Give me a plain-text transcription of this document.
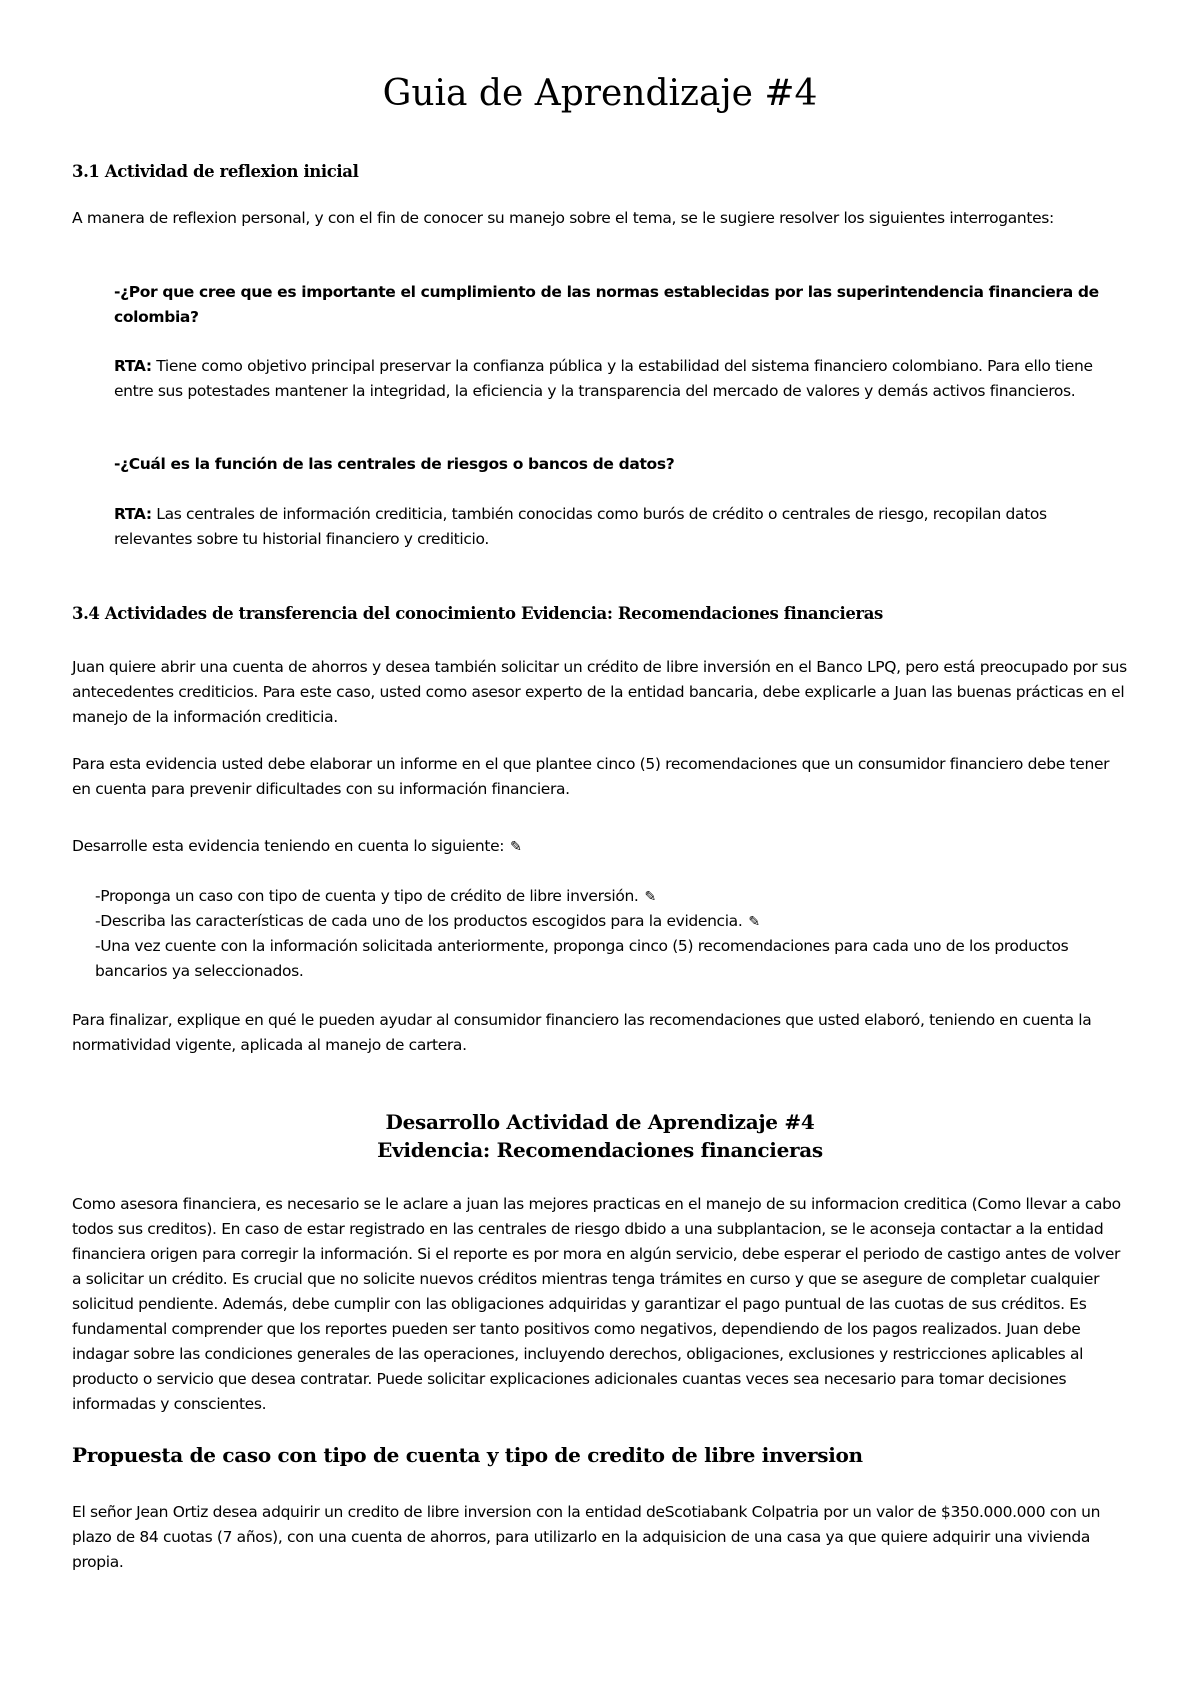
Guia de Aprendizaje #4
3.1 Actividad de reflexion inicial

A manera de reflexion personal, y con el fin de conocer su manejo sobre el tema, se le sugiere resolver los siguientes interrogantes:

-¿Por que cree que es importante el cumplimiento de las normas establecidas por las superintendencia financiera de colombia?

RTA: Tiene como objetivo principal preservar la confianza pública y la estabilidad del sistema financiero colombiano. Para ello tiene entre sus potestades mantener la integridad, la eficiencia y la transparencia del mercado de valores y demás activos financieros.

-¿Cuál es la función de las centrales de riesgos o bancos de datos?

RTA: Las centrales de información crediticia, también conocidas como burós de crédito o centrales de riesgo, recopilan datos relevantes sobre tu historial financiero y crediticio.

3.4 Actividades de transferencia del conocimiento Evidencia: Recomendaciones financieras

Juan quiere abrir una cuenta de ahorros y desea también solicitar un crédito de libre inversión en el Banco LPQ, pero está preocupado por sus antecedentes crediticios. Para este caso, usted como asesor experto de la entidad bancaria, debe explicarle a Juan las buenas prácticas en el manejo de la información crediticia.

Para esta evidencia usted debe elaborar un informe en el que plantee cinco (5) recomendaciones que un consumidor financiero debe tener en cuenta para prevenir dificultades con su información financiera.

Desarrolle esta evidencia teniendo en cuenta lo siguiente: ✎

-Proponga un caso con tipo de cuenta y tipo de crédito de libre inversión. ✎

-Describa las características de cada uno de los productos escogidos para la evidencia. ✎

-Una vez cuente con la información solicitada anteriormente, proponga cinco (5) recomendaciones para cada uno de los productos bancarios ya seleccionados.

Para finalizar, explique en qué le pueden ayudar al consumidor financiero las recomendaciones que usted elaboró, teniendo en cuenta la normatividad vigente, aplicada al manejo de cartera.

Desarrollo Actividad de Aprendizaje #4
Evidencia: Recomendaciones financieras

Como asesora financiera, es necesario se le aclare a juan las mejores practicas en el manejo de su informacion creditica (Como llevar a cabo todos sus creditos). En caso de estar registrado en las centrales de riesgo dbido a una subplantacion, se le aconseja contactar a la entidad financiera origen para corregir la información. Si el reporte es por mora en algún servicio, debe esperar el periodo de castigo antes de volver a solicitar un crédito. Es crucial que no solicite nuevos créditos mientras tenga trámites en curso y que se asegure de completar cualquier solicitud pendiente. Además, debe cumplir con las obligaciones adquiridas y garantizar el pago puntual de las cuotas de sus créditos. Es fundamental comprender que los reportes pueden ser tanto positivos como negativos, dependiendo de los pagos realizados. Juan debe indagar sobre las condiciones generales de las operaciones, incluyendo derechos, obligaciones, exclusiones y restricciones aplicables al producto o servicio que desea contratar. Puede solicitar explicaciones adicionales cuantas veces sea necesario para tomar decisiones informadas y conscientes.

Propuesta de caso con tipo de cuenta y tipo de credito de libre inversion

El señor Jean Ortiz desea adquirir un credito de libre inversion con la entidad deScotiabank Colpatria por un valor de $350.000.000 con un plazo de 84 cuotas (7 años), con una cuenta de ahorros, para utilizarlo en la adquisicion de una casa ya que quiere adquirir una vivienda propia.
